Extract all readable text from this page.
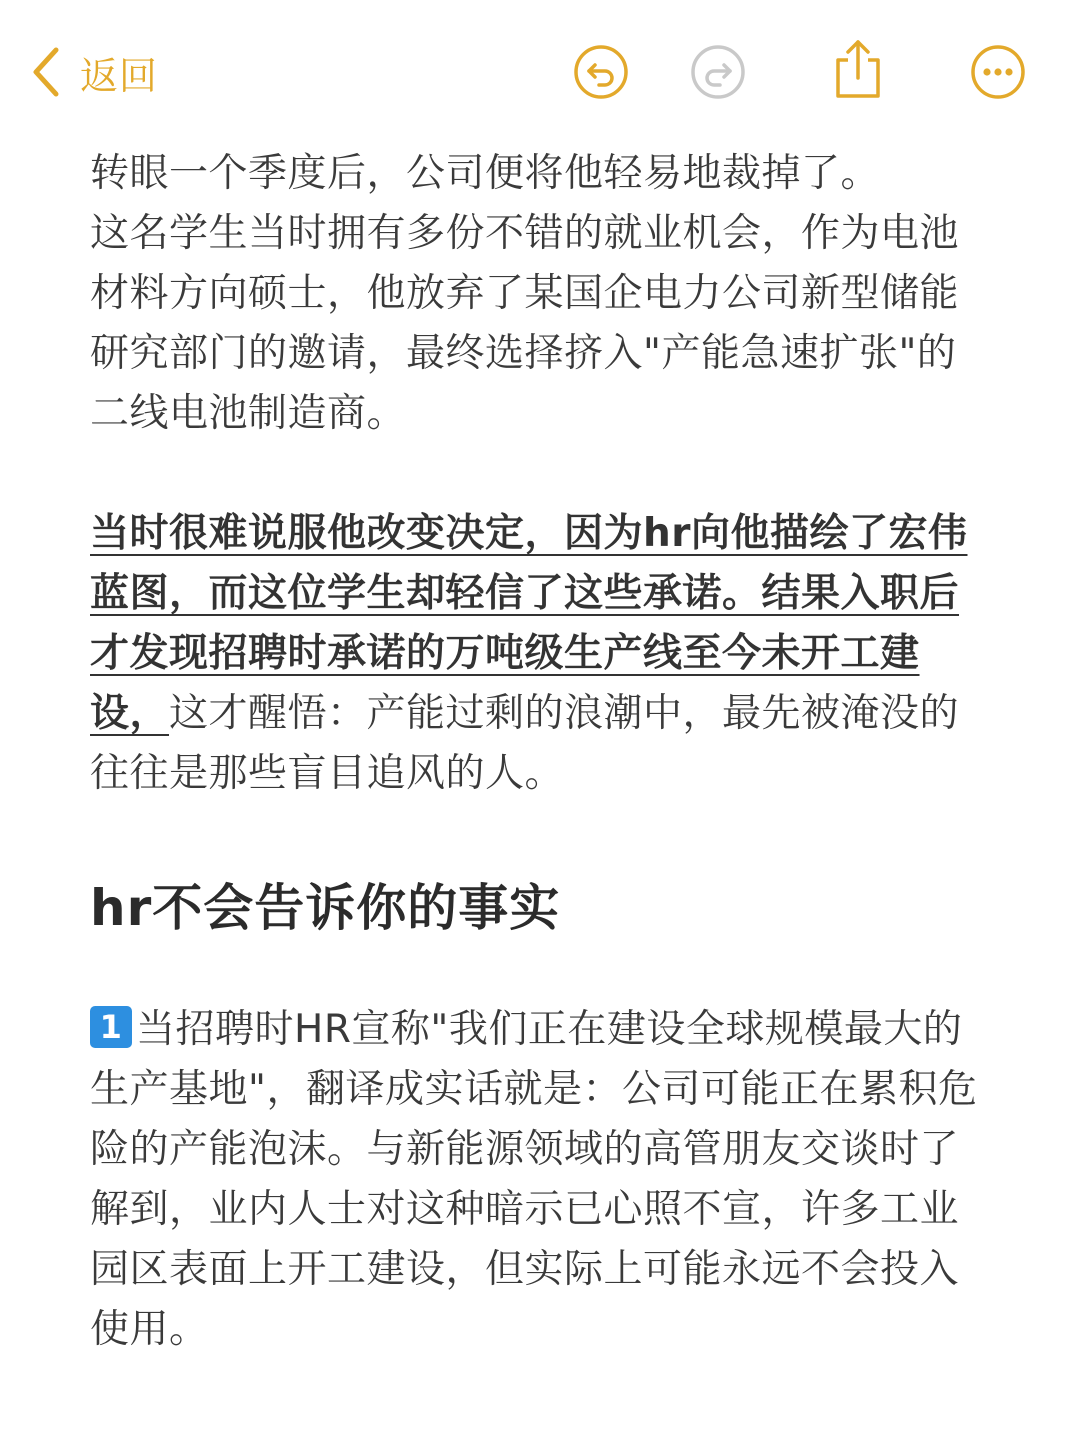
返回

转眼一个季度后，公司便将他轻易地裁掉了。
这名学生当时拥有多份不错的就业机会，作为电池材料方向硕士，他放弃了某国企电力公司新型储能研究部门的邀请，最终选择挤入"产能急速扩张"的二线电池制造商。

当时很难说服他改变决定，因为hr向他描绘了宏伟蓝图，而这位学生却轻信了这些承诺。结果入职后才发现招聘时承诺的万吨级生产线至今未开工建设，这才醒悟：产能过剩的浪潮中，最先被淹没的往往是那些盲目追风的人。

hr不会告诉你的事实

1 当招聘时HR宣称"我们正在建设全球规模最大的生产基地"，翻译成实话就是：公司可能正在累积危险的产能泡沫。与新能源领域的高管朋友交谈时了解到，业内人士对这种暗示已心照不宣，许多工业园区表面上开工建设，但实际上可能永远不会投入使用。
